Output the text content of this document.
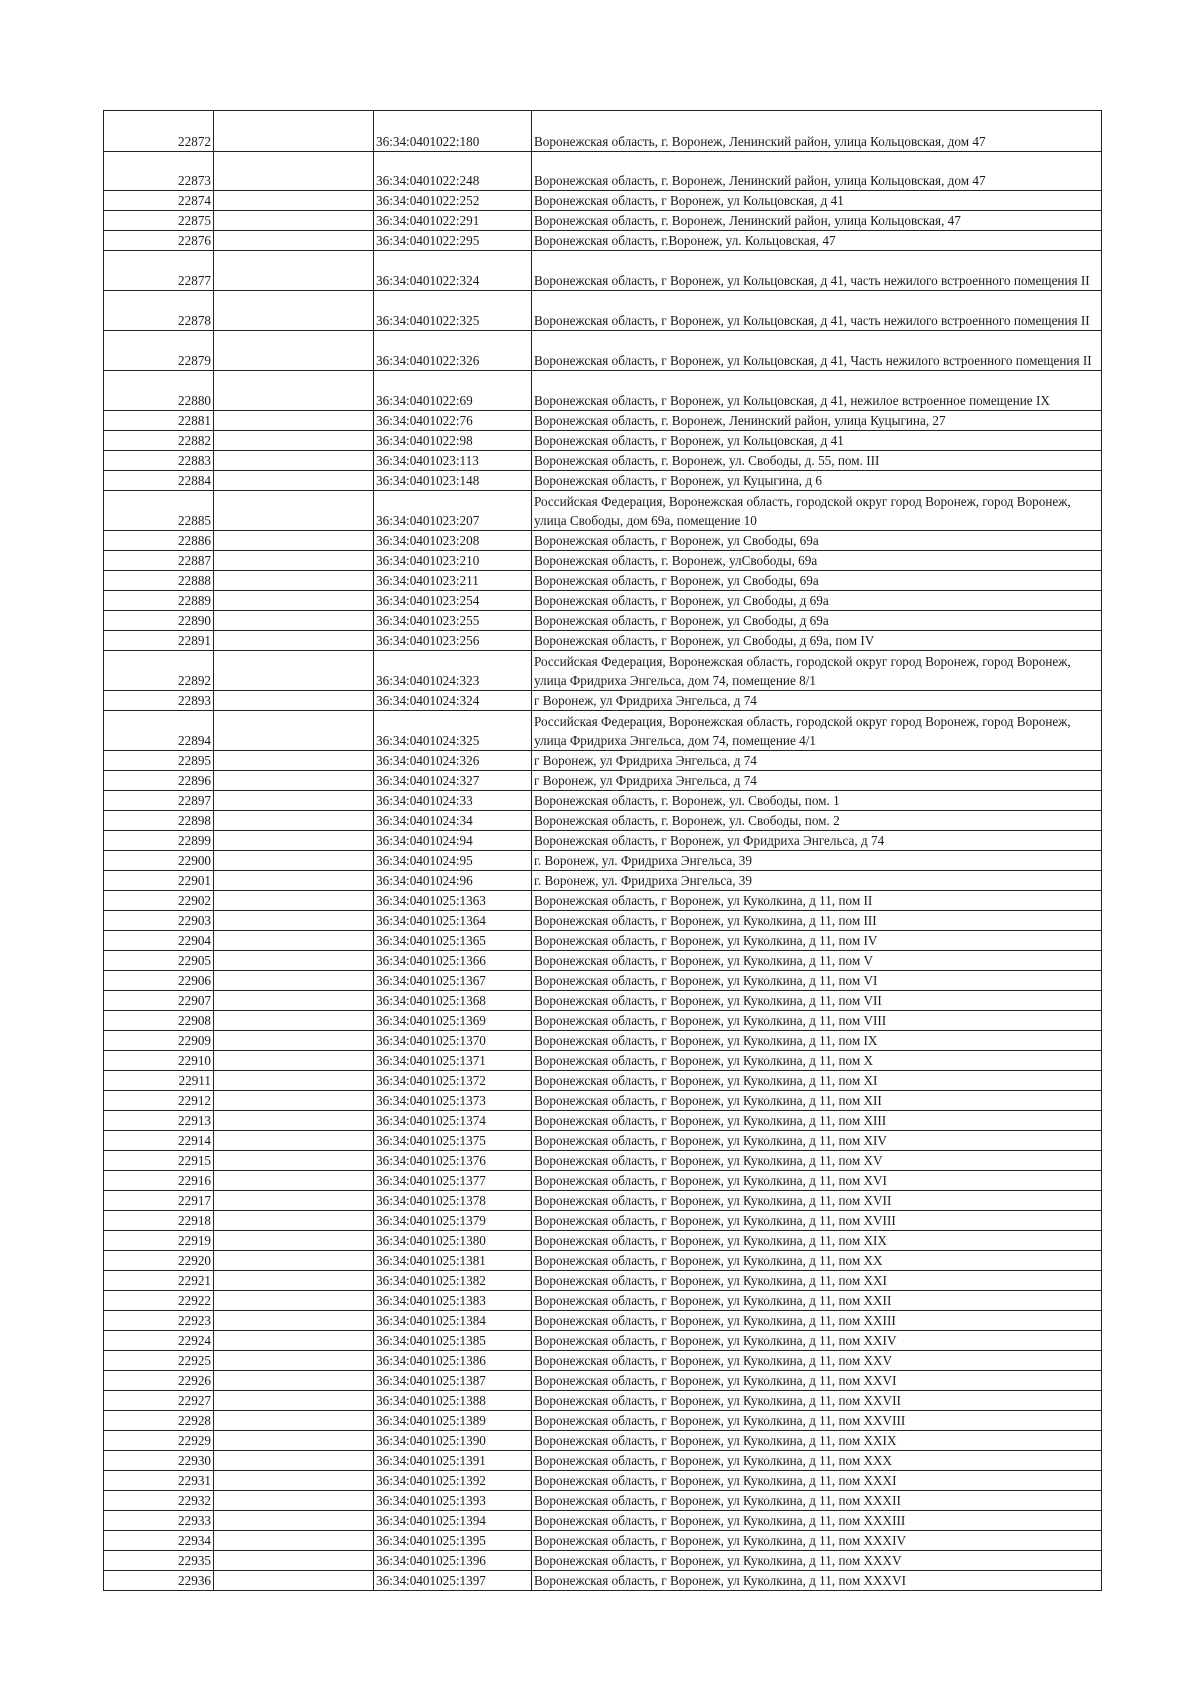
22872		36:34:0401022:180	Воронежская область, г. Воронеж, Ленинский район, улица Кольцовская, дом 47
22873		36:34:0401022:248	Воронежская область, г. Воронеж, Ленинский район, улица Кольцовская, дом 47
22874		36:34:0401022:252	Воронежская область, г Воронеж, ул Кольцовская, д 41
22875		36:34:0401022:291	Воронежская область, г. Воронеж, Ленинский район, улица Кольцовская, 47
22876		36:34:0401022:295	Воронежская область, г.Воронеж, ул. Кольцовская, 47
22877		36:34:0401022:324	Воронежская область, г Воронеж, ул Кольцовская, д 41, часть нежилого встроенного помещения II
22878		36:34:0401022:325	Воронежская область, г Воронеж, ул Кольцовская, д 41, часть нежилого встроенного помещения II
22879		36:34:0401022:326	Воронежская область, г Воронеж, ул Кольцовская, д 41, Часть нежилого встроенного помещения II
22880		36:34:0401022:69	Воронежская область, г Воронеж, ул Кольцовская, д 41, нежилое встроенное помещение IX
22881		36:34:0401022:76	Воронежская область, г. Воронеж, Ленинский район, улица Куцыгина, 27
22882		36:34:0401022:98	Воронежская область, г Воронеж, ул Кольцовская, д 41
22883		36:34:0401023:113	Воронежская область, г. Воронеж, ул. Свободы, д. 55, пом. III
22884		36:34:0401023:148	Воронежская область, г Воронеж, ул Куцыгина, д 6
22885		36:34:0401023:207	Российская Федерация, Воронежская область, городской округ город Воронеж, город Воронеж, улица Свободы, дом 69а, помещение 10
22886		36:34:0401023:208	Воронежская область, г Воронеж, ул Свободы, 69а
22887		36:34:0401023:210	Воронежская область, г. Воронеж, улСвободы, 69а
22888		36:34:0401023:211	Воронежская область, г Воронеж, ул Свободы, 69а
22889		36:34:0401023:254	Воронежская область, г Воронеж, ул Свободы, д 69а
22890		36:34:0401023:255	Воронежская область, г Воронеж, ул Свободы, д 69а
22891		36:34:0401023:256	Воронежская область, г Воронеж, ул Свободы, д 69а, пом IV
22892		36:34:0401024:323	Российская Федерация, Воронежская область, городской округ город Воронеж, город Воронеж, улица Фридриха Энгельса, дом 74, помещение 8/1
22893		36:34:0401024:324	г Воронеж, ул Фридриха Энгельса, д 74
22894		36:34:0401024:325	Российская Федерация, Воронежская область, городской округ город Воронеж, город Воронеж, улица Фридриха Энгельса, дом 74, помещение 4/1
22895		36:34:0401024:326	г Воронеж, ул Фридриха Энгельса, д 74
22896		36:34:0401024:327	г Воронеж, ул Фридриха Энгельса, д 74
22897		36:34:0401024:33	Воронежская область, г. Воронеж, ул. Свободы, пом. 1
22898		36:34:0401024:34	Воронежская область, г. Воронеж, ул. Свободы, пом. 2
22899		36:34:0401024:94	Воронежская область, г Воронеж, ул Фридриха Энгельса, д 74
22900		36:34:0401024:95	г. Воронеж, ул. Фридриха Энгельса, 39
22901		36:34:0401024:96	г. Воронеж, ул. Фридриха Энгельса, 39
22902		36:34:0401025:1363	Воронежская область, г Воронеж, ул Куколкина, д 11, пом II
22903		36:34:0401025:1364	Воронежская область, г Воронеж, ул Куколкина, д 11, пом III
22904		36:34:0401025:1365	Воронежская область, г Воронеж, ул Куколкина, д 11, пом IV
22905		36:34:0401025:1366	Воронежская область, г Воронеж, ул Куколкина, д 11, пом V
22906		36:34:0401025:1367	Воронежская область, г Воронеж, ул Куколкина, д 11, пом VI
22907		36:34:0401025:1368	Воронежская область, г Воронеж, ул Куколкина, д 11, пом VII
22908		36:34:0401025:1369	Воронежская область, г Воронеж, ул Куколкина, д 11, пом VIII
22909		36:34:0401025:1370	Воронежская область, г Воронеж, ул Куколкина, д 11, пом IX
22910		36:34:0401025:1371	Воронежская область, г Воронеж, ул Куколкина, д 11, пом X
22911		36:34:0401025:1372	Воронежская область, г Воронеж, ул Куколкина, д 11, пом XI
22912		36:34:0401025:1373	Воронежская область, г Воронеж, ул Куколкина, д 11, пом XII
22913		36:34:0401025:1374	Воронежская область, г Воронеж, ул Куколкина, д 11, пом XIII
22914		36:34:0401025:1375	Воронежская область, г Воронеж, ул Куколкина, д 11, пом XIV
22915		36:34:0401025:1376	Воронежская область, г Воронеж, ул Куколкина, д 11, пом XV
22916		36:34:0401025:1377	Воронежская область, г Воронеж, ул Куколкина, д 11, пом XVI
22917		36:34:0401025:1378	Воронежская область, г Воронеж, ул Куколкина, д 11, пом XVII
22918		36:34:0401025:1379	Воронежская область, г Воронеж, ул Куколкина, д 11, пом XVIII
22919		36:34:0401025:1380	Воронежская область, г Воронеж, ул Куколкина, д 11, пом XIX
22920		36:34:0401025:1381	Воронежская область, г Воронеж, ул Куколкина, д 11, пом XX
22921		36:34:0401025:1382	Воронежская область, г Воронеж, ул Куколкина, д 11, пом XXI
22922		36:34:0401025:1383	Воронежская область, г Воронеж, ул Куколкина, д 11, пом XXII
22923		36:34:0401025:1384	Воронежская область, г Воронеж, ул Куколкина, д 11, пом XXIII
22924		36:34:0401025:1385	Воронежская область, г Воронеж, ул Куколкина, д 11, пом XXIV
22925		36:34:0401025:1386	Воронежская область, г Воронеж, ул Куколкина, д 11, пом XXV
22926		36:34:0401025:1387	Воронежская область, г Воронеж, ул Куколкина, д 11, пом XXVI
22927		36:34:0401025:1388	Воронежская область, г Воронеж, ул Куколкина, д 11, пом XXVII
22928		36:34:0401025:1389	Воронежская область, г Воронеж, ул Куколкина, д 11, пом XXVIII
22929		36:34:0401025:1390	Воронежская область, г Воронеж, ул Куколкина, д 11, пом XXIX
22930		36:34:0401025:1391	Воронежская область, г Воронеж, ул Куколкина, д 11, пом XXX
22931		36:34:0401025:1392	Воронежская область, г Воронеж, ул Куколкина, д 11, пом XXXI
22932		36:34:0401025:1393	Воронежская область, г Воронеж, ул Куколкина, д 11, пом XXXII
22933		36:34:0401025:1394	Воронежская область, г Воронеж, ул Куколкина, д 11, пом XXXIII
22934		36:34:0401025:1395	Воронежская область, г Воронеж, ул Куколкина, д 11, пом XXXIV
22935		36:34:0401025:1396	Воронежская область, г Воронеж, ул Куколкина, д 11, пом XXXV
22936		36:34:0401025:1397	Воронежская область, г Воронеж, ул Куколкина, д 11, пом XXXVI
